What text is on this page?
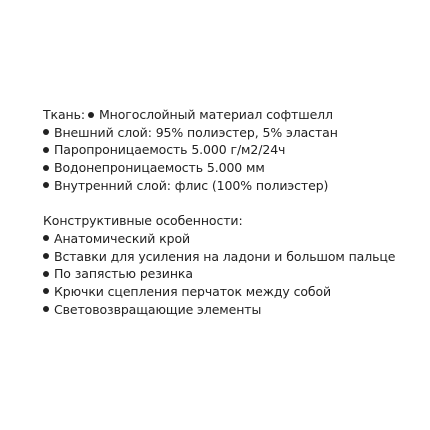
Ткань: Многослойный материал софтшелл
Внешний слой: 95% полиэстер, 5% эластан
Паропроницаемость 5.000 г/м2/24ч
Водонепроницаемость 5.000 мм
Внутренний слой: флис (100% полиэстер)
Конструктивные особенности:
Анатомический крой
Вставки для усиления на ладони и большом пальце
По запястью резинка
Крючки сцепления перчаток между собой
Световозвращающие элементы
